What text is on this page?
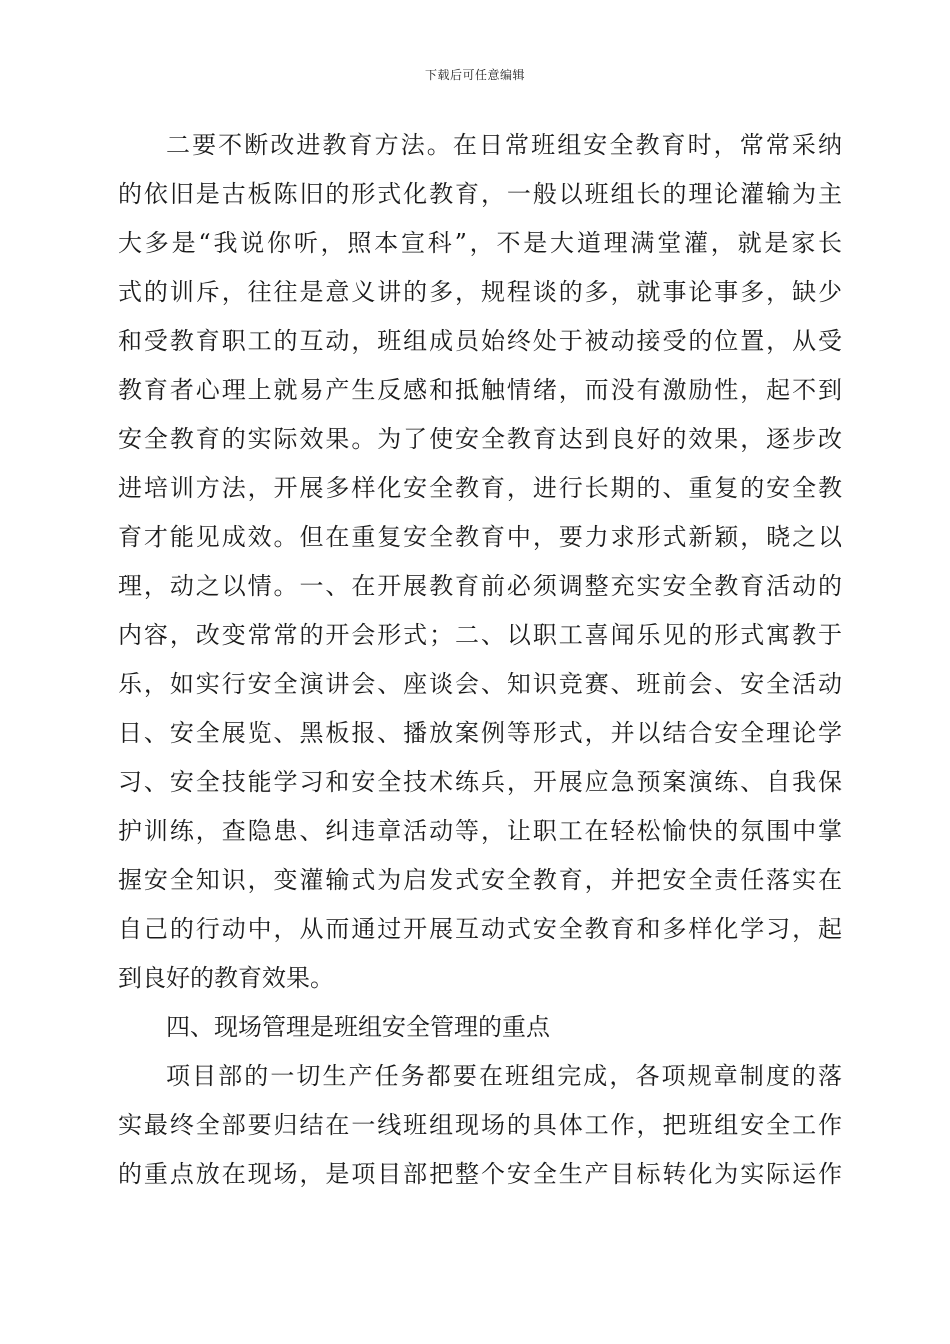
下载后可任意编辑
二要不断改进教育方法。在日常班组安全教育时，常常采纳
的依旧是古板陈旧的形式化教育，一般以班组长的理论灌输为主
大多是“我说你听，照本宣科”，不是大道理满堂灌，就是家长
式的训斥，往往是意义讲的多，规程谈的多，就事论事多，缺少
和受教育职工的互动，班组成员始终处于被动接受的位置，从受
教育者心理上就易产生反感和抵触情绪，而没有激励性，起不到
安全教育的实际效果。为了使安全教育达到良好的效果，逐步改
进培训方法，开展多样化安全教育，进行长期的、重复的安全教
育才能见成效。但在重复安全教育中，要力求形式新颖，晓之以
理，动之以情。一、在开展教育前必须调整充实安全教育活动的
内容，改变常常的开会形式；二、以职工喜闻乐见的形式寓教于
乐，如实行安全演讲会、座谈会、知识竞赛、班前会、安全活动
日、安全展览、黑板报、播放案例等形式，并以结合安全理论学
习、安全技能学习和安全技术练兵，开展应急预案演练、自我保
护训练，查隐患、纠违章活动等，让职工在轻松愉快的氛围中掌
握安全知识，变灌输式为启发式安全教育，并把安全责任落实在
自己的行动中，从而通过开展互动式安全教育和多样化学习，起
到良好的教育效果。
四、现场管理是班组安全管理的重点
项目部的一切生产任务都要在班组完成，各项规章制度的落
实最终全部要归结在一线班组现场的具体工作，把班组安全工作
的重点放在现场，是项目部把整个安全生产目标转化为实际运作
